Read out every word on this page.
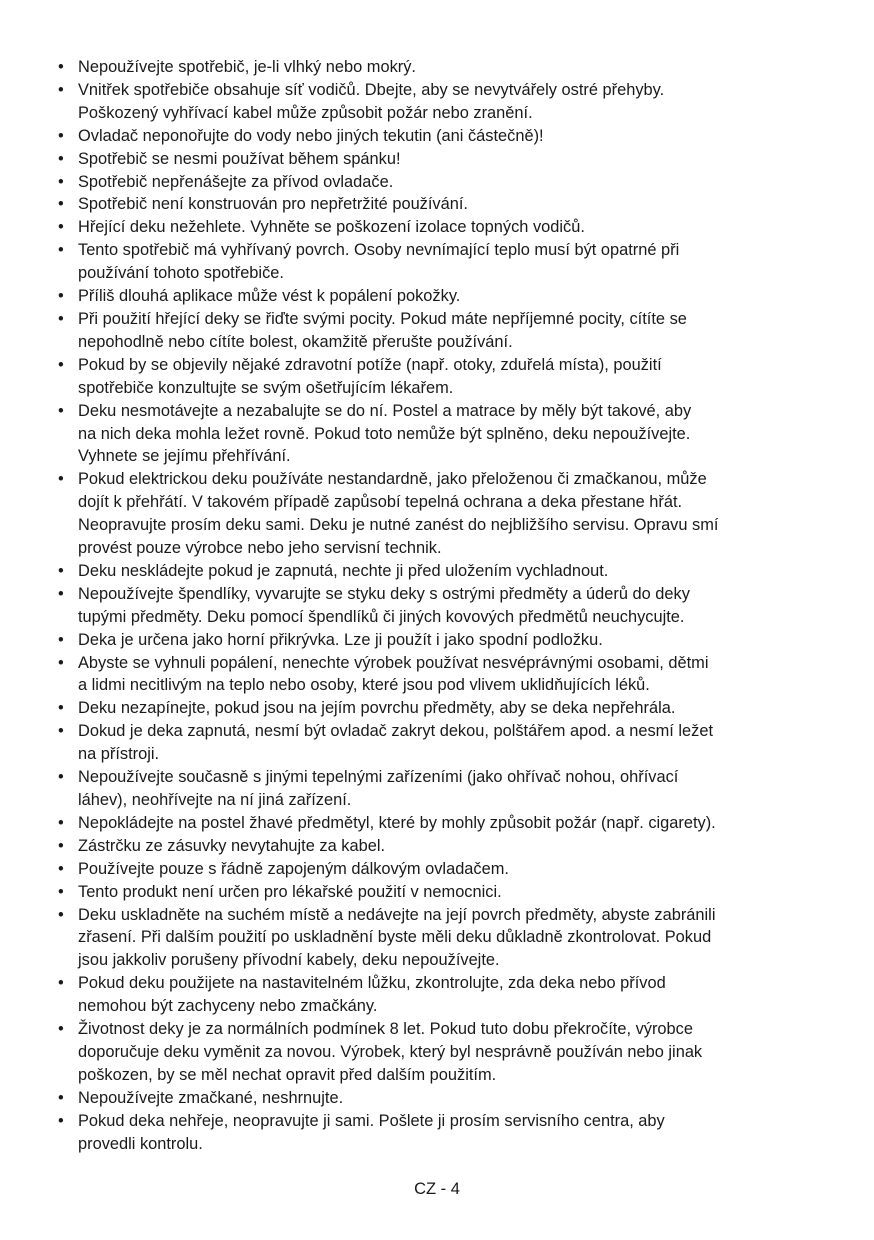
• Nepoužívejte spotřebič, je-li vlhký nebo mokrý.
• Vnitřek spotřebiče obsahuje síť vodičů. Dbejte, aby se nevytvářely ostré přehyby.
Poškozený vyhřívací kabel může způsobit požár nebo zranění.
• Ovladač neponořujte do vody nebo jiných tekutin (ani částečně)!
• Spotřebič se nesmi používat během spánku!
• Spotřebič nepřenášejte za přívod ovladače.
• Spotřebič není konstruován pro nepřetržité používání.
• Hřející deku nežehlete. Vyhněte se poškození izolace topných vodičů.
• Tento spotřebič má vyhřívaný povrch. Osoby nevnímající teplo musí být opatrné při
používání tohoto spotřebiče.
• Příliš dlouhá aplikace může vést k popálení pokožky.
• Při použití hřející deky se řiďte svými pocity. Pokud máte nepříjemné pocity, cítíte se
nepohodlně nebo cítíte bolest, okamžitě přerušte používání.
• Pokud by se objevily nějaké zdravotní potíže (např. otoky, zduřelá místa), použití
spotřebiče konzultujte se svým ošetřujícím lékařem.
• Deku nesmotávejte a nezabalujte se do ní. Postel a matrace by měly být takové, aby
na nich deka mohla ležet rovně. Pokud toto nemůže být splněno, deku nepoužívejte.
Vyhnete se jejímu přehřívání.
• Pokud elektrickou deku používáte nestandardně, jako přeloženou či zmačkanou, může
dojít k přehřátí. V takovém případě zapůsobí tepelná ochrana a deka přestane hřát.
Neopravujte prosím deku sami. Deku je nutné zanést do nejbližšího servisu. Opravu smí
provést pouze výrobce nebo jeho servisní technik.
• Deku neskládejte pokud je zapnutá, nechte ji před uložením vychladnout.
• Nepoužívejte špendlíky, vyvarujte se styku deky s ostrými předměty a úderů do deky
tupými předměty. Deku pomocí špendlíků či jiných kovových předmětů neuchycujte.
• Deka je určena jako horní přikrývka. Lze ji použít i jako spodní podložku.
• Abyste se vyhnuli popálení, nenechte výrobek používat nesvéprávnými osobami, dětmi
a lidmi necitlivým na teplo nebo osoby, které jsou pod vlivem uklidňujících léků.
• Deku nezapínejte, pokud jsou na jejím povrchu předměty, aby se deka nepřehrála.
• Dokud je deka zapnutá, nesmí být ovladač zakryt dekou, polštářem apod. a nesmí ležet
na přístroji.
• Nepoužívejte současně s jinými tepelnými zařízeními (jako ohřívač nohou, ohřívací
láhev), neohřívejte na ní jiná zařízení.
• Nepokládejte na postel žhavé předmětyl, které by mohly způsobit požár (např. cigarety).
• Zástrčku ze zásuvky nevytahujte za kabel.
• Používejte pouze s řádně zapojeným dálkovým ovladačem.
• Tento produkt není určen pro lékařské použití v nemocnici.
• Deku uskladněte na suchém místě a nedávejte na její povrch předměty, abyste zabránili
zřasení. Při dalším použití po uskladnění byste měli deku důkladně zkontrolovat. Pokud
jsou jakkoliv porušeny přívodní kabely, deku nepoužívejte.
• Pokud deku použijete na nastavitelném lůžku, zkontrolujte, zda deka nebo přívod
nemohou být zachyceny nebo zmačkány.
• Životnost deky je za normálních podmínek 8 let. Pokud tuto dobu překročíte, výrobce
doporučuje deku vyměnit za novou. Výrobek, který byl nesprávně používán nebo jinak
poškozen, by se měl nechat opravit před dalším použitím.
• Nepoužívejte zmačkané, neshrnujte.
• Pokud deka nehřeje, neopravujte ji sami. Pošlete ji prosím servisního centra, aby
provedli kontrolu.
CZ - 4
